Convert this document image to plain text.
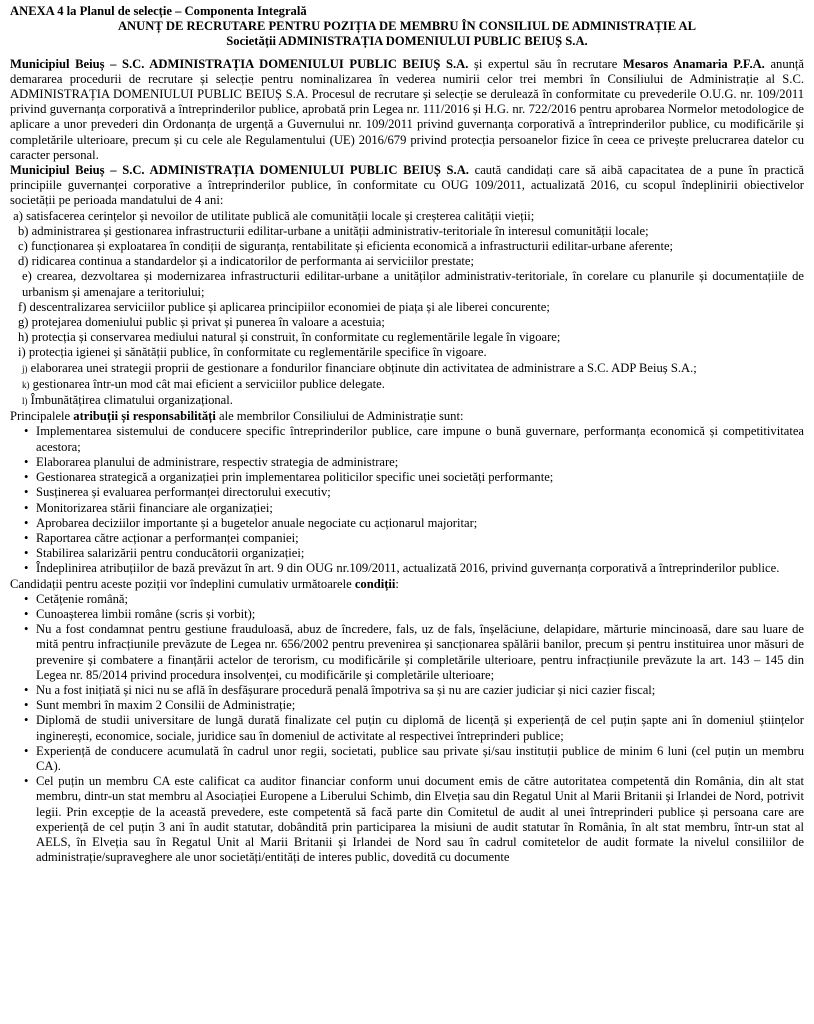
ANEXA 4 la Planul de selecție – Componenta Integrală
ANUNȚ DE RECRUTARE PENTRU POZIȚIA DE MEMBRU ÎN CONSILIUL DE ADMINISTRAȚIE AL
Societății ADMINISTRAȚIA DOMENIULUI PUBLIC BEIUȘ S.A.

Municipiul Beiuș – S.C. ADMINISTRAȚIA DOMENIULUI PUBLIC BEIUȘ S.A. și expertul său în recrutare Mesaros Anamaria P.F.A. anunță demararea procedurii de recrutare și selecție pentru nominalizarea în vederea numirii celor trei membri în Consiliului de Administrație al S.C. ADMINISTRAȚIA DOMENIULUI PUBLIC BEIUȘ S.A. Procesul de recrutare și selecție se derulează în conformitate cu prevederile O.U.G. nr. 109/2011 privind guvernanța corporativă a întreprinderilor publice, aprobată prin Legea nr. 111/2016 și H.G. nr. 722/2016 pentru aprobarea Normelor metodologice de aplicare a unor prevederi din Ordonanța de urgență a Guvernului nr. 109/2011 privind guvernanța corporativă a întreprinderilor publice, cu modificările și completările ulterioare, precum și cu cele ale Regulamentului (UE) 2016/679 privind protecția persoanelor fizice în ceea ce privește prelucrarea datelor cu caracter personal.

Municipiul Beiuș – S.C. ADMINISTRAȚIA DOMENIULUI PUBLIC BEIUȘ S.A. caută candidați care să aibă capacitatea de a pune în practică principiile guvernanței corporative a întreprinderilor publice, în conformitate cu OUG 109/2011, actualizată 2016, cu scopul îndeplinirii obiectivelor societății pe perioada mandatului de 4 ani:

a) satisfacerea cerințelor și nevoilor de utilitate publică ale comunității locale și creșterea calității vieții;
b) administrarea și gestionarea infrastructurii edilitar-urbane a unității administrativ-teritoriale în interesul comunității locale;
c) funcționarea și exploatarea în condiții de siguranța, rentabilitate și eficienta economică a infrastructurii edilitar-urbane aferente;
d) ridicarea continua a standardelor și a indicatorilor de performanta ai serviciilor prestate;
e) crearea, dezvoltarea și modernizarea infrastructurii edilitar-urbane a unităților administrativ-teritoriale, în corelare cu planurile și documentațiile de urbanism și amenajare a teritoriului;
f) descentralizarea serviciilor publice și aplicarea principiilor economiei de piața și ale liberei concurente;
g) protejarea domeniului public și privat și punerea în valoare a acestuia;
h) protecția și conservarea mediului natural și construit, în conformitate cu reglementările legale în vigoare;
i) protecția igienei și sănătății publice, în conformitate cu reglementările specifice în vigoare.
j) elaborarea unei strategii proprii de gestionare a fondurilor financiare obținute din activitatea de administrare a S.C. ADP Beiuș S.A.;
k) gestionarea într-un mod cât mai eficient a serviciilor publice delegate.
l) Îmbunătățirea climatului organizațional.

Principalele atribuții și responsabilități ale membrilor Consiliului de Administrație sunt:

• Implementarea sistemului de conducere specific întreprinderilor publice, care impune o bună guvernare, performanța economică și competitivitatea acestora;
• Elaborarea planului de administrare, respectiv strategia de administrare;
• Gestionarea strategică a organizației prin implementarea politicilor specific unei societăți performante;
• Susținerea și evaluarea performanței directorului executiv;
• Monitorizarea stării financiare ale organizației;
• Aprobarea deciziilor importante și a bugetelor anuale negociate cu acționarul majoritar;
• Raportarea către acționar a performanței companiei;
• Stabilirea salarizării pentru conducătorii organizației;
• Îndeplinirea atribuțiilor de bază prevăzut în art. 9 din OUG nr.109/2011, actualizată 2016, privind guvernanța corporativă a întreprinderilor publice.

Candidații pentru aceste poziții vor îndeplini cumulativ următoarele condiții:

• Cetățenie română;
• Cunoașterea limbii române (scris și vorbit);
• Nu a fost condamnat pentru gestiune frauduloasă, abuz de încredere, fals, uz de fals, înșelăciune, delapidare, mărturie mincinoasă, dare sau luare de mită pentru infracțiunile prevăzute de Legea nr. 656/2002 pentru prevenirea și sancționarea spălării banilor, precum și pentru instituirea unor măsuri de prevenire și combatere a finanțării actelor de terorism, cu modificările și completările ulterioare, pentru infracțiunile prevăzute la art. 143 – 145 din Legea nr. 85/2014 privind procedura insolvenței, cu modificările și completările ulterioare;
• Nu a fost inițiată și nici nu se află în desfășurare procedură penală împotriva sa și nu are cazier judiciar și nici cazier fiscal;
• Sunt membri în maxim 2 Consilii de Administrație;
• Diplomă de studii universitare de lungă durată finalizate cel puțin cu diplomă de licență și experiență de cel puțin șapte ani în domeniul științelor inginerești, economice, sociale, juridice sau în domeniul de activitate al respectivei întreprinderi publice;
• Experiență de conducere acumulată în cadrul unor regii, societati, publice sau private și/sau instituții publice de minim 6 luni (cel puțin un membru CA).
• Cel puțin un membru CA este calificat ca auditor financiar conform unui document emis de către autoritatea competentă din România, din alt stat membru, dintr-un stat membru al Asociației Europene a Liberului Schimb, din Elveția sau din Regatul Unit al Marii Britanii și Irlandei de Nord, potrivit legii. Prin excepție de la această prevedere, este competentă să facă parte din Comitetul de audit al unei întreprinderi publice și persoana care are experiență de cel puțin 3 ani în audit statutar, dobândită prin participarea la misiuni de audit statutar în România, în alt stat membru, într-un stat al AELS, în Elveția sau în Regatul Unit al Marii Britanii și Irlandei de Nord sau în cadrul comitetelor de audit formate la nivelul consiliilor de administrație/supraveghere ale unor societăți/entități de interes public, dovedită cu documente
